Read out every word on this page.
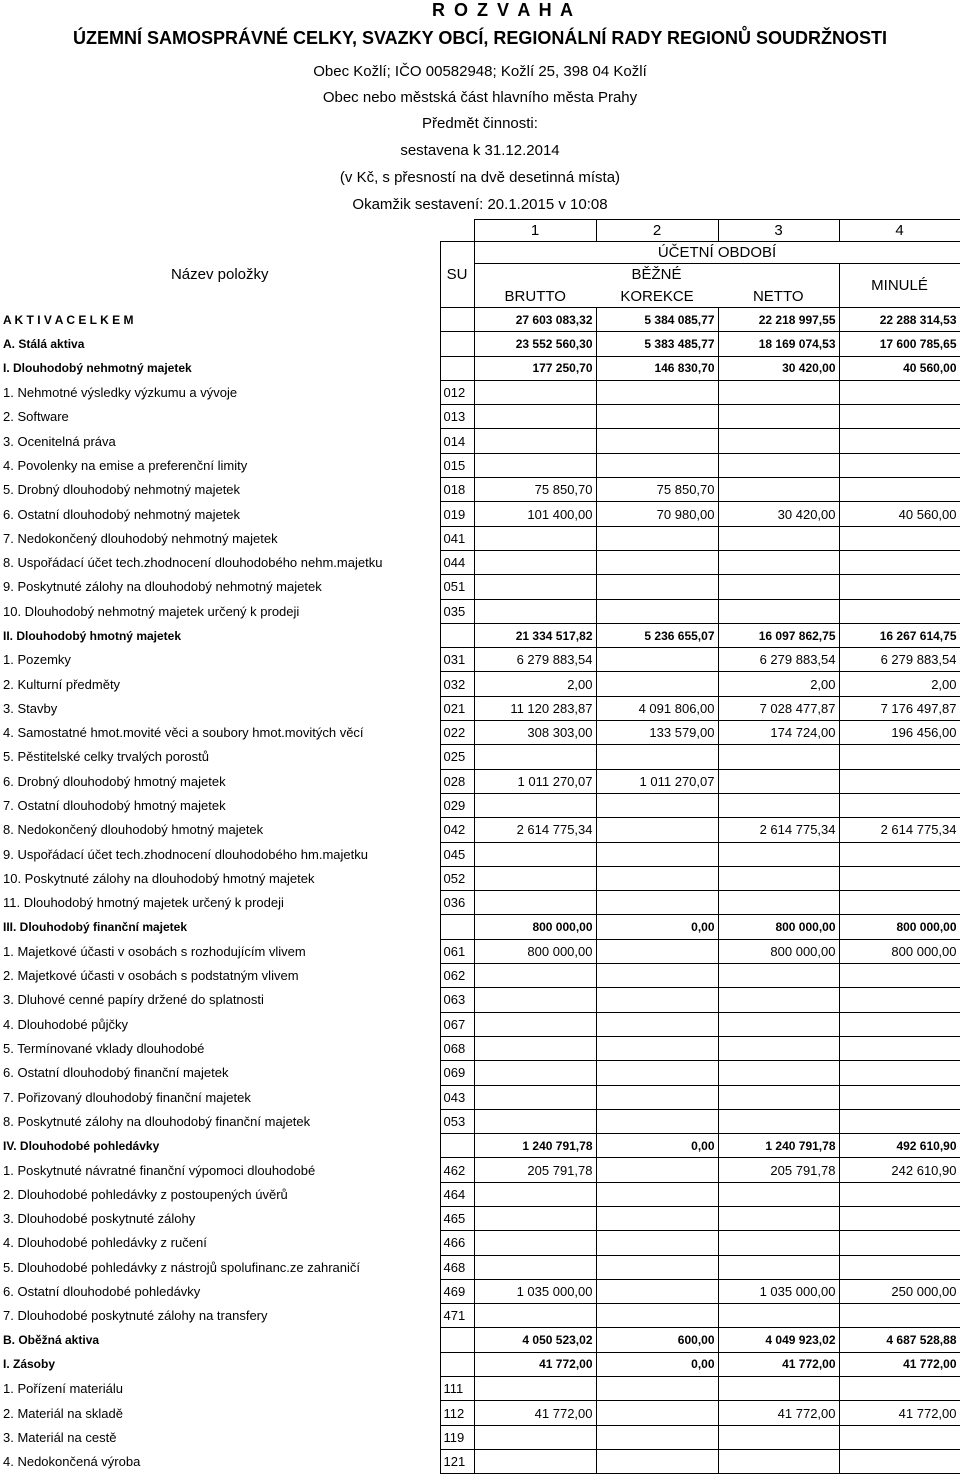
R O Z V A H A
ÚZEMNÍ SAMOSPRÁVNÉ CELKY, SVAZKY OBCÍ, REGIONÁLNÍ RADY REGIONŮ SOUDRŽNOSTI
Obec Kožlí; IČO 00582948; Kožlí 25, 398 04 Kožlí
Obec nebo městská část hlavního města Prahy
Předmět činnosti:
sestavena k 31.12.2014
(v Kč, s přesností na dvě desetinná místa)
Okamžik sestavení: 20.1.2015 v 10:08
		1	2	3	4
Název položky	SU	ÚČETNÍ OBDOBÍ			
		BĚŽNÉ			MINULÉ
		BRUTTO	KOREKCE	NETTO	
A K T I V A C E L K E M		27 603 083,32	5 384 085,77	22 218 997,55	22 288 314,53
A. Stálá aktiva		23 552 560,30	5 383 485,77	18 169 074,53	17 600 785,65
I. Dlouhodobý nehmotný majetek		177 250,70	146 830,70	30 420,00	40 560,00
1. Nehmotné výsledky výzkumu a vývoje	012				
2. Software	013				
3. Ocenitelná práva	014				
4. Povolenky na emise a preferenční limity	015				
5. Drobný dlouhodobý nehmotný majetek	018	75 850,70	75 850,70		
6. Ostatní dlouhodobý nehmotný majetek	019	101 400,00	70 980,00	30 420,00	40 560,00
7. Nedokončený dlouhodobý nehmotný majetek	041				
8. Uspořádací účet tech.zhodnocení dlouhodobého nehm.majetku	044				
9. Poskytnuté zálohy na dlouhodobý nehmotný majetek	051				
10. Dlouhodobý nehmotný majetek určený k prodeji	035				
II. Dlouhodobý hmotný majetek		21 334 517,82	5 236 655,07	16 097 862,75	16 267 614,75
1. Pozemky	031	6 279 883,54		6 279 883,54	6 279 883,54
2. Kulturní předměty	032	2,00		2,00	2,00
3. Stavby	021	11 120 283,87	4 091 806,00	7 028 477,87	7 176 497,87
4. Samostatné hmot.movité věci a soubory hmot.movitých věcí	022	308 303,00	133 579,00	174 724,00	196 456,00
5. Pěstitelské celky trvalých porostů	025				
6. Drobný dlouhodobý hmotný majetek	028	1 011 270,07	1 011 270,07		
7. Ostatní dlouhodobý hmotný majetek	029				
8. Nedokončený dlouhodobý hmotný majetek	042	2 614 775,34		2 614 775,34	2 614 775,34
9. Uspořádací účet tech.zhodnocení dlouhodobého hm.majetku	045				
10. Poskytnuté zálohy na dlouhodobý hmotný majetek	052				
11. Dlouhodobý hmotný majetek určený k prodeji	036				
III. Dlouhodobý finanční majetek		800 000,00	0,00	800 000,00	800 000,00
1. Majetkové účasti v osobách s rozhodujícím vlivem	061	800 000,00		800 000,00	800 000,00
2. Majetkové účasti v osobách s podstatným vlivem	062				
3. Dluhové cenné papíry držené do splatnosti	063				
4. Dlouhodobé půjčky	067				
5. Termínované vklady dlouhodobé	068				
6. Ostatní dlouhodobý finanční majetek	069				
7. Pořizovaný dlouhodobý finanční majetek	043				
8. Poskytnuté zálohy na dlouhodobý finanční majetek	053				
IV. Dlouhodobé pohledávky		1 240 791,78	0,00	1 240 791,78	492 610,90
1. Poskytnuté návratné finanční výpomoci dlouhodobé	462	205 791,78		205 791,78	242 610,90
2. Dlouhodobé pohledávky z postoupených úvěrů	464				
3. Dlouhodobé poskytnuté zálohy	465				
4. Dlouhodobé pohledávky z ručení	466				
5. Dlouhodobé pohledávky z nástrojů spolufinanc.ze zahraničí	468				
6. Ostatní dlouhodobé pohledávky	469	1 035 000,00		1 035 000,00	250 000,00
7. Dlouhodobé poskytnuté zálohy na transfery	471				
B. Oběžná aktiva		4 050 523,02	600,00	4 049 923,02	4 687 528,88
I. Zásoby		41 772,00	0,00	41 772,00	41 772,00
1. Pořízení materiálu	111				
2. Materiál na skladě	112	41 772,00		41 772,00	41 772,00
3. Materiál na cestě	119				
4. Nedokončená výroba	121				
